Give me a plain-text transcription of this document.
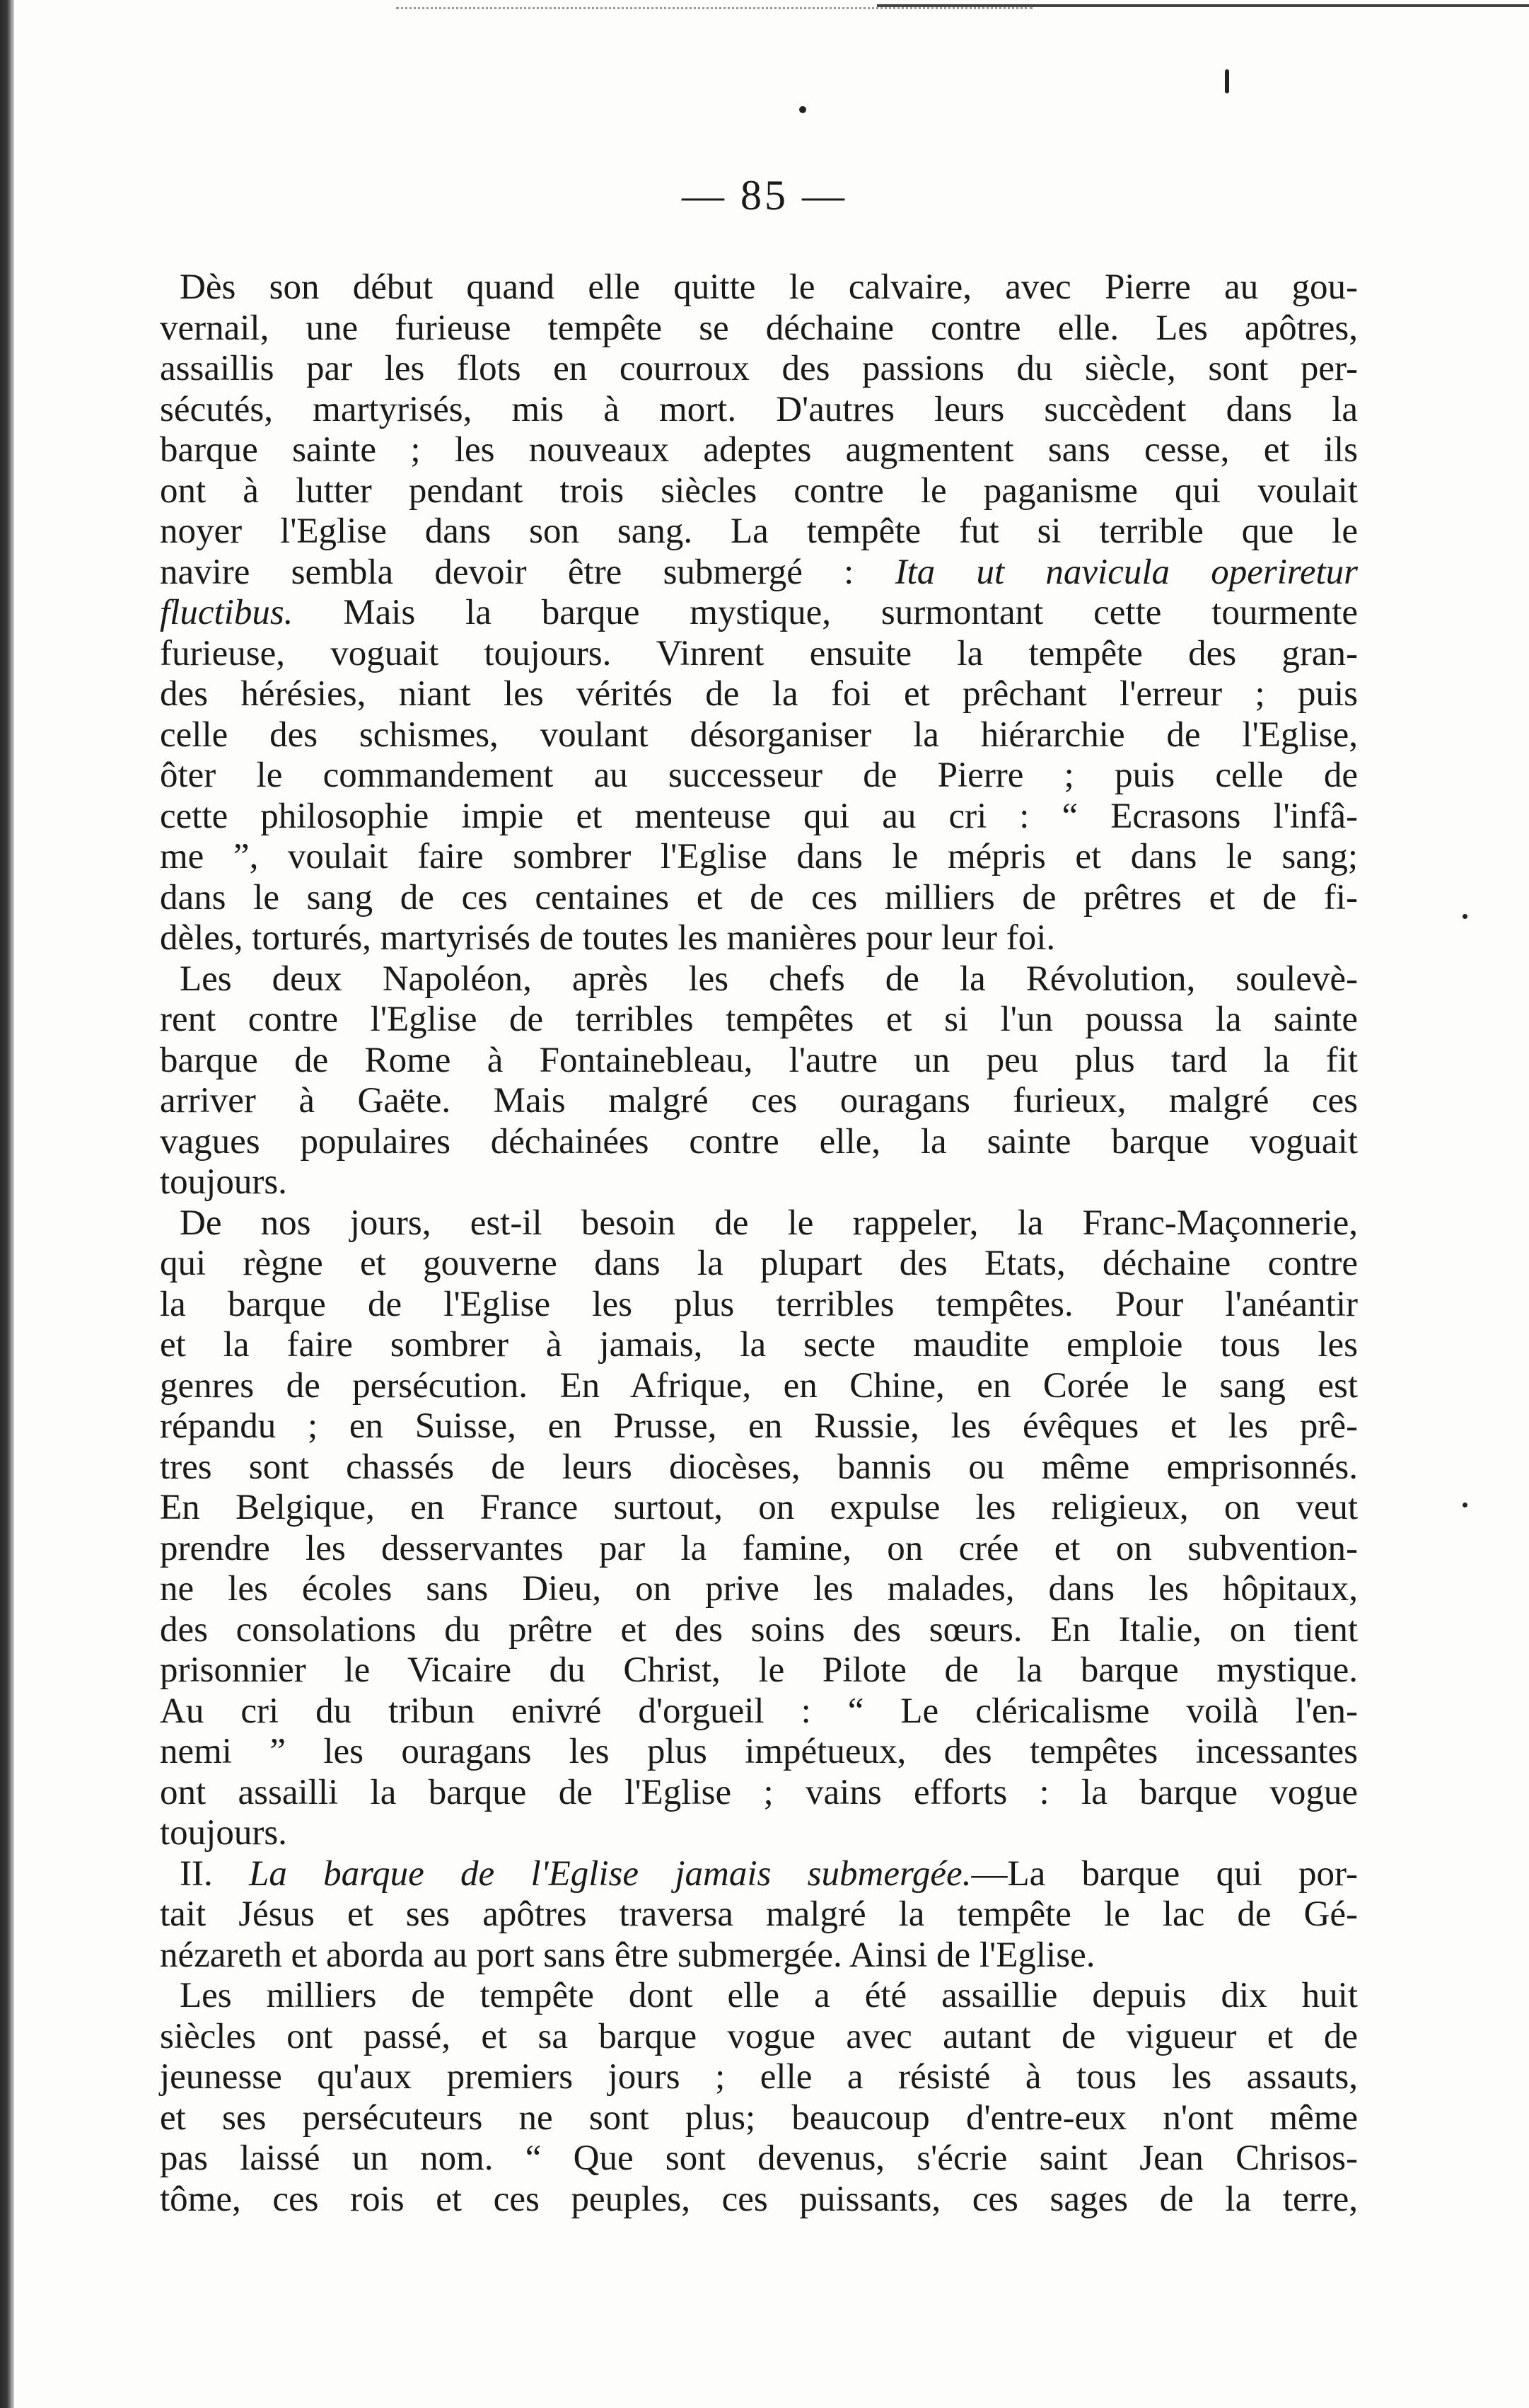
— 85 —
Dès son début quand elle quitte le calvaire, avec Pierre au gou-
vernail, une furieuse tempête se déchaine contre elle. Les apôtres,
assaillis par les flots en courroux des passions du siècle, sont per-
sécutés, martyrisés, mis à mort. D'autres leurs succèdent dans la
barque sainte ; les nouveaux adeptes augmentent sans cesse, et ils
ont à lutter pendant trois siècles contre le paganisme qui voulait
noyer l'Eglise dans son sang. La tempête fut si terrible que le
navire sembla devoir être submergé : Ita ut navicula operiretur
fluctibus. Mais la barque mystique, surmontant cette tourmente
furieuse, voguait toujours. Vinrent ensuite la tempête des gran-
des hérésies, niant les vérités de la foi et prêchant l'erreur ; puis
celle des schismes, voulant désorganiser la hiérarchie de l'Eglise,
ôter le commandement au successeur de Pierre ; puis celle de
cette philosophie impie et menteuse qui au cri : “ Ecrasons l'infâ-
me ”, voulait faire sombrer l'Eglise dans le mépris et dans le sang;
dans le sang de ces centaines et de ces milliers de prêtres et de fi-
dèles, torturés, martyrisés de toutes les manières pour leur foi.
Les deux Napoléon, après les chefs de la Révolution, soulevè-
rent contre l'Eglise de terribles tempêtes et si l'un poussa la sainte
barque de Rome à Fontainebleau, l'autre un peu plus tard la fit
arriver à Gaëte. Mais malgré ces ouragans furieux, malgré ces
vagues populaires déchainées contre elle, la sainte barque voguait
toujours.
De nos jours, est-il besoin de le rappeler, la Franc-Maçonnerie,
qui règne et gouverne dans la plupart des Etats, déchaine contre
la barque de l'Eglise les plus terribles tempêtes. Pour l'anéantir
et la faire sombrer à jamais, la secte maudite emploie tous les
genres de persécution. En Afrique, en Chine, en Corée le sang est
répandu ; en Suisse, en Prusse, en Russie, les évêques et les prê-
tres sont chassés de leurs diocèses, bannis ou même emprisonnés.
En Belgique, en France surtout, on expulse les religieux, on veut
prendre les desservantes par la famine, on crée et on subvention-
ne les écoles sans Dieu, on prive les malades, dans les hôpitaux,
des consolations du prêtre et des soins des sœurs. En Italie, on tient
prisonnier le Vicaire du Christ, le Pilote de la barque mystique.
Au cri du tribun enivré d'orgueil : “ Le cléricalisme voilà l'en-
nemi ” les ouragans les plus impétueux, des tempêtes incessantes
ont assailli la barque de l'Eglise ; vains efforts : la barque vogue
toujours.
II. La barque de l'Eglise jamais submergée.—La barque qui por-
tait Jésus et ses apôtres traversa malgré la tempête le lac de Gé-
nézareth et aborda au port sans être submergée. Ainsi de l'Eglise.
Les milliers de tempête dont elle a été assaillie depuis dix huit
siècles ont passé, et sa barque vogue avec autant de vigueur et de
jeunesse qu'aux premiers jours ; elle a résisté à tous les assauts,
et ses persécuteurs ne sont plus; beaucoup d'entre-eux n'ont même
pas laissé un nom. “ Que sont devenus, s'écrie saint Jean Chrisos-
tôme, ces rois et ces peuples, ces puissants, ces sages de la terre,
